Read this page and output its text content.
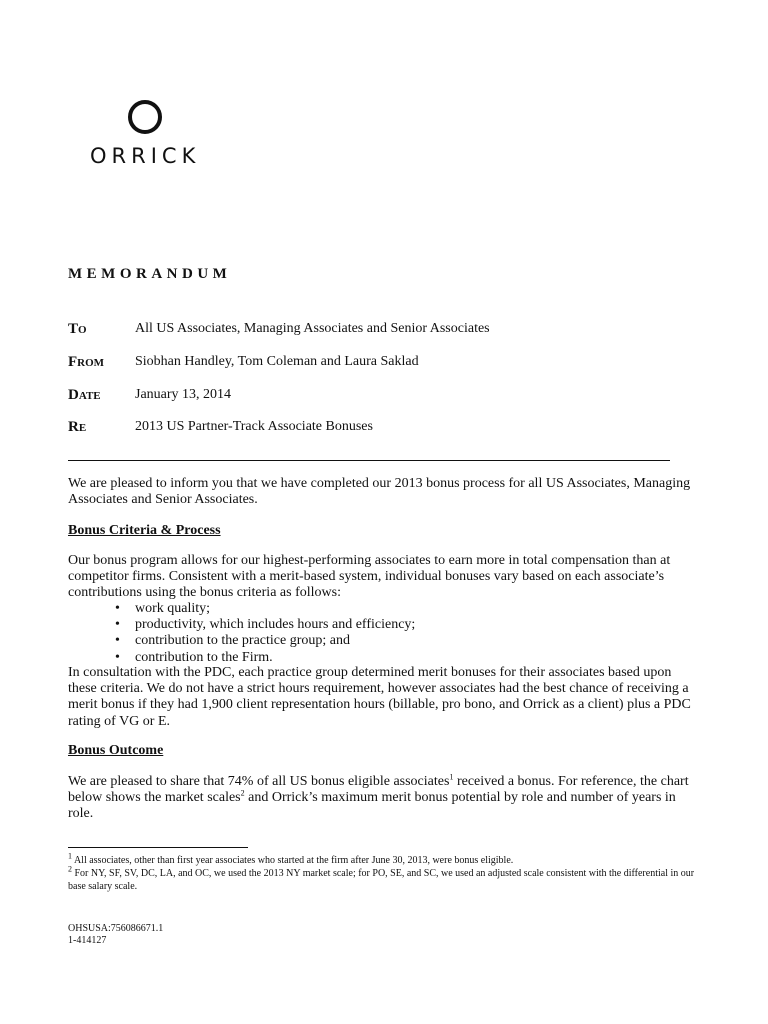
ORRICK
MEMORANDUM
To	All US Associates, Managing Associates and Senior Associates
From Siobhan Handley, Tom Coleman and Laura Saklad
Date January 13, 2014
Re	2013 US Partner-Track Associate Bonuses

We are pleased to inform you that we have completed our 2013 bonus process for all US Associates, Managing Associates and Senior Associates.

Bonus Criteria & Process

Our bonus program allows for our highest-performing associates to earn more in total compensation than at competitor firms. Consistent with a merit-based system, individual bonuses vary based on each associate’s contributions using the bonus criteria as follows:

• work quality;
• productivity, which includes hours and efficiency;
• contribution to the practice group; and
• contribution to the Firm.

In consultation with the PDC, each practice group determined merit bonuses for their associates based upon these criteria. We do not have a strict hours requirement, however associates had the best chance of receiving a merit bonus if they had 1,900 client representation hours (billable, pro bono, and Orrick as a client) plus a PDC rating of VG or E.

Bonus Outcome

We are pleased to share that 74% of all US bonus eligible associates$^1$ received a bonus. For reference, the chart below shows the market scales$^2$ and Orrick’s maximum merit bonus potential by role and number of years in role.

$^1$ All associates, other than first year associates who started at the firm after June 30, 2013, were bonus eligible.
$^2$ For NY, SF, SV, DC, LA, and OC, we used the 2013 NY market scale; for PO, SE, and SC, we used an adjusted scale consistent with the differential in our base salary scale.
OHSUSA:756086671.1
1-414127
